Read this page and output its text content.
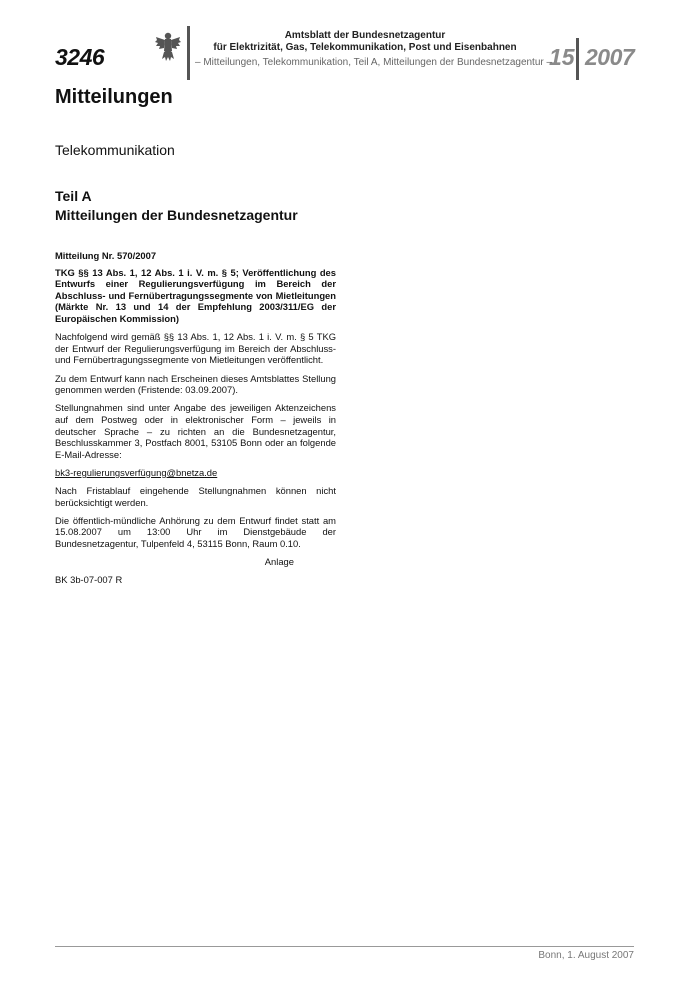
3246
Amtsblatt der Bundesnetzagentur
für Elektrizität, Gas, Telekommunikation, Post und Eisenbahnen
– Mitteilungen, Telekommunikation, Teil A, Mitteilungen der Bundesnetzagentur –
15 2007
Mitteilungen
Telekommunikation
Teil A
Mitteilungen der Bundesnetzagentur

Mitteilung Nr. 570/2007

TKG §§ 13 Abs. 1, 12 Abs. 1 i. V. m. § 5; Veröffentlichung des Entwurfs einer Regulierungsverfügung im Bereich der Abschluss- und Fernübertragungssegmente von Mietleitungen (Märkte Nr. 13 und 14 der Empfehlung 2003/311/EG der Europäischen Kommission)

Nachfolgend wird gemäß §§ 13 Abs. 1, 12 Abs. 1 i. V. m. § 5 TKG der Entwurf der Regulierungsverfügung im Bereich der Abschluss- und Fernübertragungssegmente von Mietleitungen veröffentlicht.

Zu dem Entwurf kann nach Erscheinen dieses Amtsblattes Stellung genommen werden (Fristende: 03.09.2007).

Stellungnahmen sind unter Angabe des jeweiligen Aktenzeichens auf dem Postweg oder in elektronischer Form – jeweils in deutscher Sprache – zu richten an die Bundesnetzagentur, Beschlusskammer 3, Postfach 8001, 53105 Bonn oder an folgende E-Mail-Adresse:

bk3-regulierungsverfügung@bnetza.de

Nach Fristablauf eingehende Stellungnahmen können nicht berücksichtigt werden.

Die öffentlich-mündliche Anhörung zu dem Entwurf findet statt am 15.08.2007 um 13:00 Uhr im Dienstgebäude der Bundesnetzagentur, Tulpenfeld 4, 53115 Bonn, Raum 0.10.

Anlage

BK 3b-07-007 R

Bonn, 1. August 2007
